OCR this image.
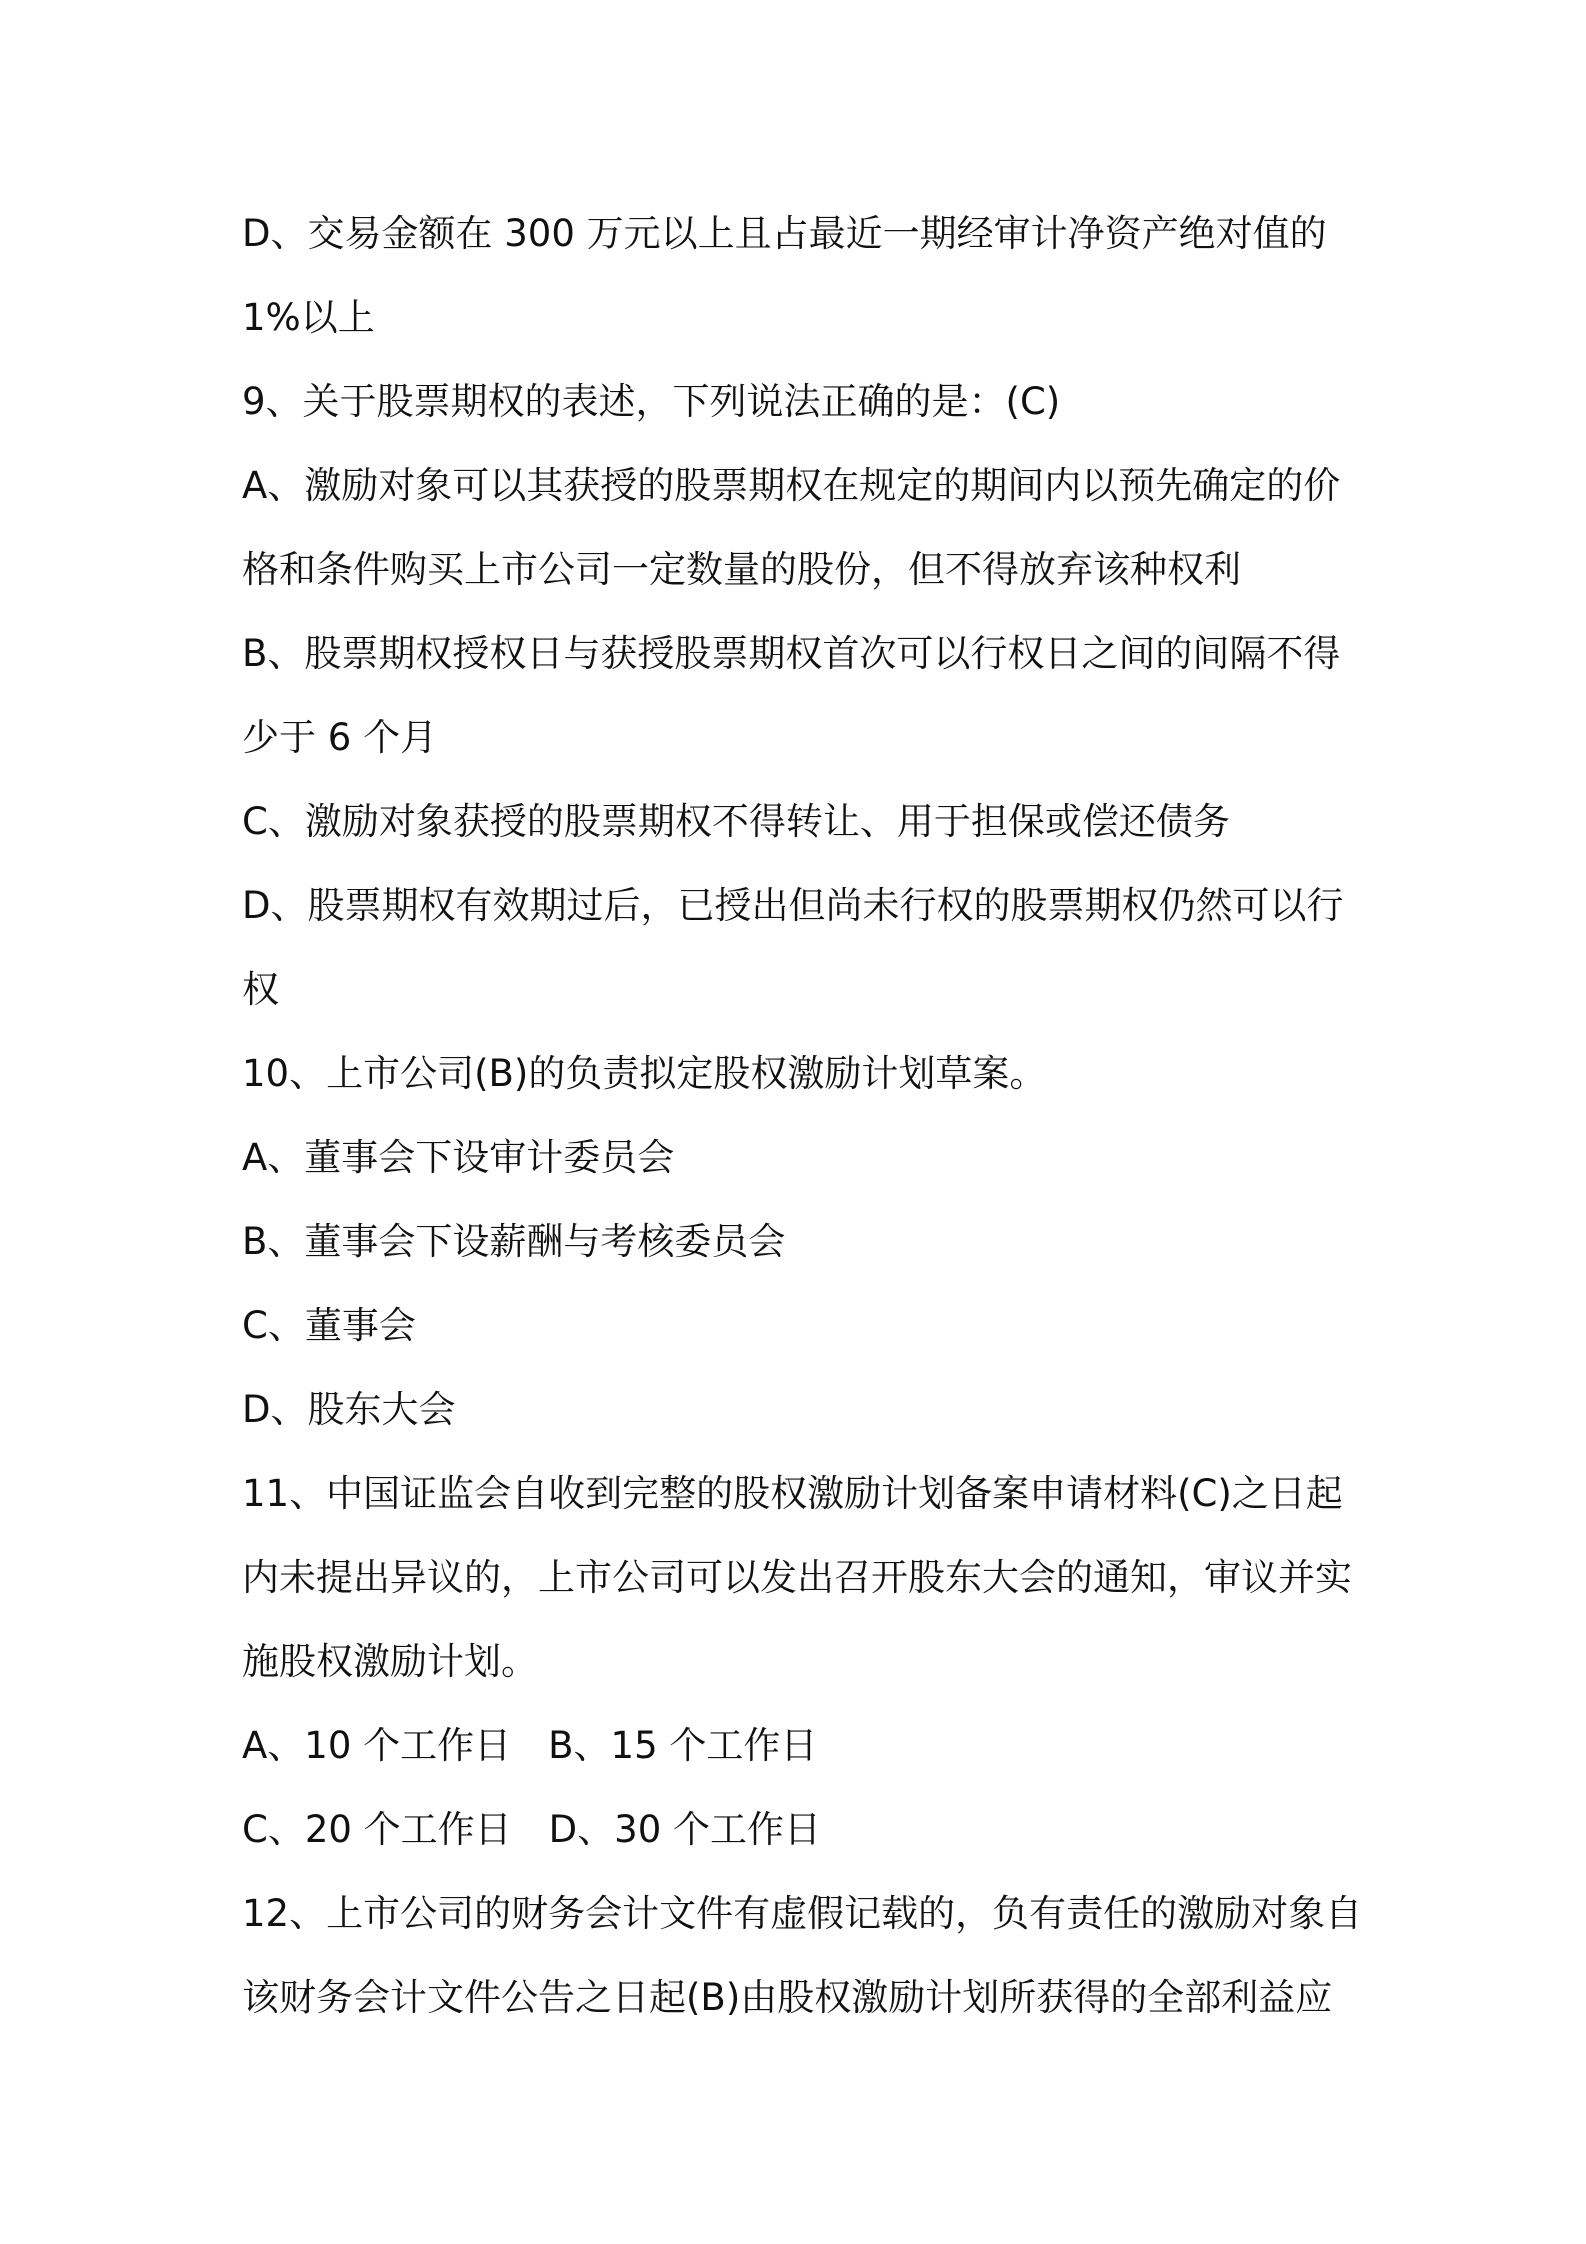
D、交易金额在 300 万元以上且占最近一期经审计净资产绝对值的
1%以上
9、关于股票期权的表述，下列说法正确的是：(C)
A、激励对象可以其获授的股票期权在规定的期间内以预先确定的价
格和条件购买上市公司一定数量的股份，但不得放弃该种权利
B、股票期权授权日与获授股票期权首次可以行权日之间的间隔不得
少于 6 个月
C、激励对象获授的股票期权不得转让、用于担保或偿还债务
D、股票期权有效期过后，已授出但尚未行权的股票期权仍然可以行
权
10、上市公司(B)的负责拟定股权激励计划草案。
A、董事会下设审计委员会
B、董事会下设薪酬与考核委员会
C、董事会
D、股东大会
11、中国证监会自收到完整的股权激励计划备案申请材料(C)之日起
内未提出异议的，上市公司可以发出召开股东大会的通知，审议并实
施股权激励计划。
A、10 个工作日　B、15 个工作日
C、20 个工作日　D、30 个工作日
12、上市公司的财务会计文件有虚假记载的，负有责任的激励对象自
该财务会计文件公告之日起(B)由股权激励计划所获得的全部利益应
